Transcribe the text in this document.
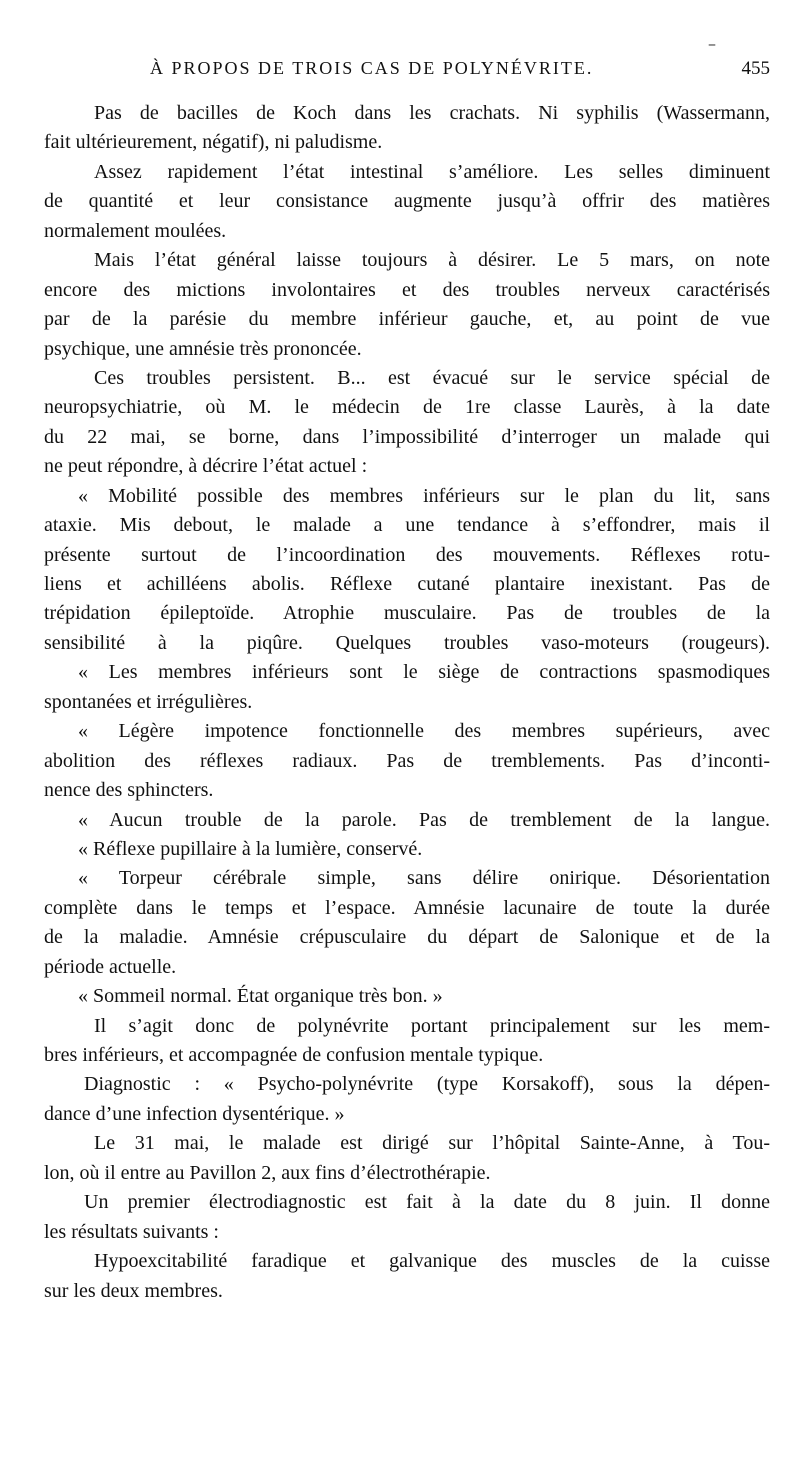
–
À PROPOS DE TROIS CAS DE POLYNÉVRITE.	455
Pas de bacilles de Koch dans les crachats. Ni syphilis (Wassermann,
fait ultérieurement, négatif), ni paludisme.
Assez rapidement l’état intestinal s’améliore. Les selles diminuent
de quantité et leur consistance augmente jusqu’à offrir des matières
normalement moulées.
Mais l’état général laisse toujours à désirer. Le 5 mars, on note
encore des mictions involontaires et des troubles nerveux caractérisés
par de la parésie du membre inférieur gauche, et, au point de vue
psychique, une amnésie très prononcée.
Ces troubles persistent. B... est évacué sur le service spécial de
neuropsychiatrie, où M. le médecin de 1re classe Laurès, à la date
du 22 mai, se borne, dans l’impossibilité d’interroger un malade qui
ne peut répondre, à décrire l’état actuel :
« Mobilité possible des membres inférieurs sur le plan du lit, sans
ataxie. Mis debout, le malade a une tendance à s’effondrer, mais il
présente surtout de l’incoordination des mouvements. Réflexes rotu-
liens et achilléens abolis. Réflexe cutané plantaire inexistant. Pas de
trépidation épileptoïde. Atrophie musculaire. Pas de troubles de la
sensibilité à la piqûre. Quelques troubles vaso-moteurs (rougeurs).
« Les membres inférieurs sont le siège de contractions spasmodiques
spontanées et irrégulières.
« Légère impotence fonctionnelle des membres supérieurs, avec
abolition des réflexes radiaux. Pas de tremblements. Pas d’inconti-
nence des sphincters.
« Aucun trouble de la parole. Pas de tremblement de la langue.
« Réflexe pupillaire à la lumière, conservé.
« Torpeur cérébrale simple, sans délire onirique. Désorientation
complète dans le temps et l’espace. Amnésie lacunaire de toute la durée
de la maladie. Amnésie crépusculaire du départ de Salonique et de la
période actuelle.
« Sommeil normal. État organique très bon. »
Il s’agit donc de polynévrite portant principalement sur les mem-
bres inférieurs, et accompagnée de confusion mentale typique.
Diagnostic : « Psycho-polynévrite (type Korsakoff), sous la dépen-
dance d’une infection dysentérique. »
Le 31 mai, le malade est dirigé sur l’hôpital Sainte-Anne, à Tou-
lon, où il entre au Pavillon 2, aux fins d’électrothérapie.
Un premier électrodiagnostic est fait à la date du 8 juin. Il donne
les résultats suivants :
Hypoexcitabilité faradique et galvanique des muscles de la cuisse
sur les deux membres.
